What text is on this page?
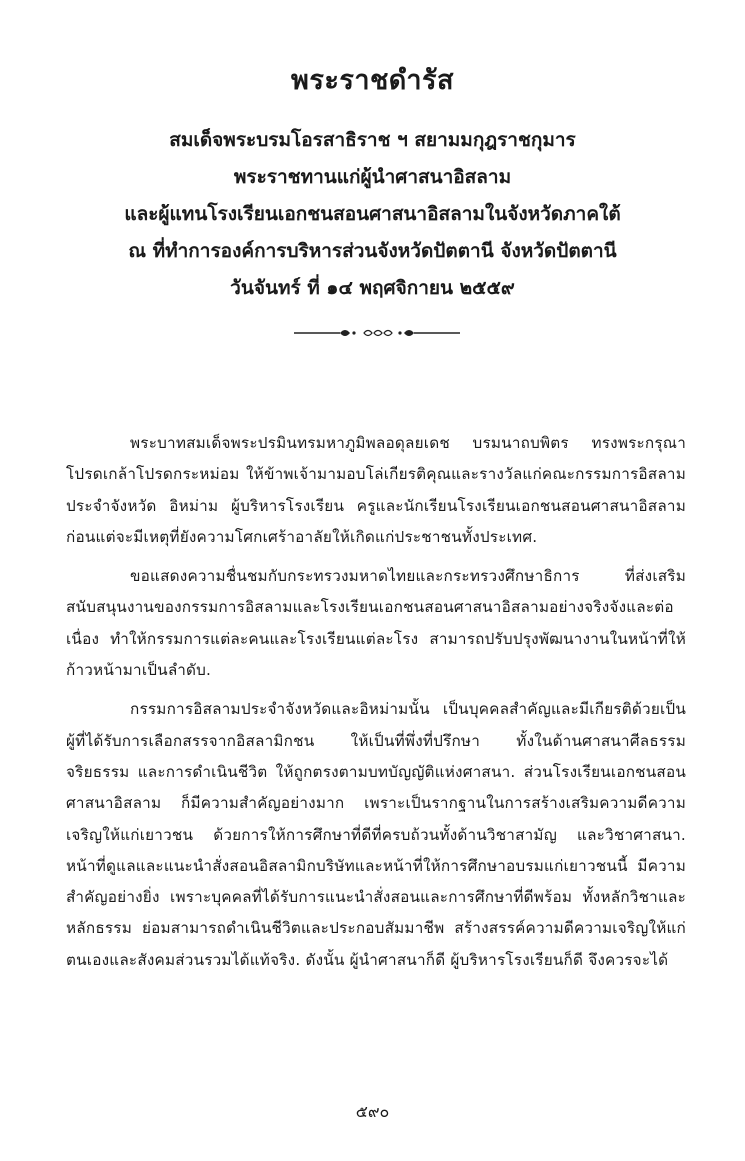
พระราชดำรัส
สมเด็จพระบรมโอรสาธิราช ฯ สยามมกุฎราชกุมาร
พระราชทานแก่ผู้นำศาสนาอิสลาม
และผู้แทนโรงเรียนเอกชนสอนศาสนาอิสลามในจังหวัดภาคใต้
ณ ที่ทำการองค์การบริหารส่วนจังหวัดปัตตานี จังหวัดปัตตานี
วันจันทร์ ที่ ๑๔ พฤศจิกายน ๒๕๕๙

พระบาทสมเด็จพระปรมินทรมหาภูมิพลอดุลยเดช บรมนาถบพิตร ทรงพระกรุณาโปรดเกล้าโปรดกระหม่อม ให้ข้าพเจ้ามามอบโล่เกียรติคุณและรางวัลแก่คณะกรรมการอิสลามประจำจังหวัด อิหม่าม ผู้บริหารโรงเรียน ครูและนักเรียนโรงเรียนเอกชนสอนศาสนาอิสลาม ก่อนแต่จะมีเหตุที่ยังความโศกเศร้าอาลัยให้เกิดแก่ประชาชนทั้งประเทศ.

ขอแสดงความชื่นชมกับกระทรวงมหาดไทยและกระทรวงศึกษาธิการ ที่ส่งเสริมสนับสนุนงานของกรรมการอิสลามและโรงเรียนเอกชนสอนศาสนาอิสลามอย่างจริงจังและต่อเนื่อง ทำให้กรรมการแต่ละคนและโรงเรียนแต่ละโรง สามารถปรับปรุงพัฒนางานในหน้าที่ให้ก้าวหน้ามาเป็นลำดับ.

กรรมการอิสลามประจำจังหวัดและอิหม่ามนั้น เป็นบุคคลสำคัญและมีเกียรติด้วยเป็นผู้ที่ได้รับการเลือกสรรจากอิสลามิกชน ให้เป็นที่พึ่งที่ปรึกษา ทั้งในด้านศาสนาศีลธรรม จริยธรรม และการดำเนินชีวิต ให้ถูกตรงตามบทบัญญัติแห่งศาสนา. ส่วนโรงเรียนเอกชนสอนศาสนาอิสลาม ก็มีความสำคัญอย่างมาก เพราะเป็นรากฐานในการสร้างเสริมความดีความเจริญให้แก่เยาวชน ด้วยการให้การศึกษาที่ดีที่ครบถ้วนทั้งด้านวิชาสามัญ และวิชาศาสนา. หน้าที่ดูแลและแนะนำสั่งสอนอิสลามิกบริษัทและหน้าที่ให้การศึกษาอบรมแก่เยาวชนนี้ มีความสำคัญอย่างยิ่ง เพราะบุคคลที่ได้รับการแนะนำสั่งสอนและการศึกษาที่ดีพร้อม ทั้งหลักวิชาและหลักธรรม ย่อมสามารถดำเนินชีวิตและประกอบสัมมาชีพ สร้างสรรค์ความดีความเจริญให้แก่ตนเองและสังคมส่วนรวมได้แท้จริง. ดังนั้น ผู้นำศาสนาก็ดี ผู้บริหารโรงเรียนก็ดี จึงควรจะได้

๕๙๐
